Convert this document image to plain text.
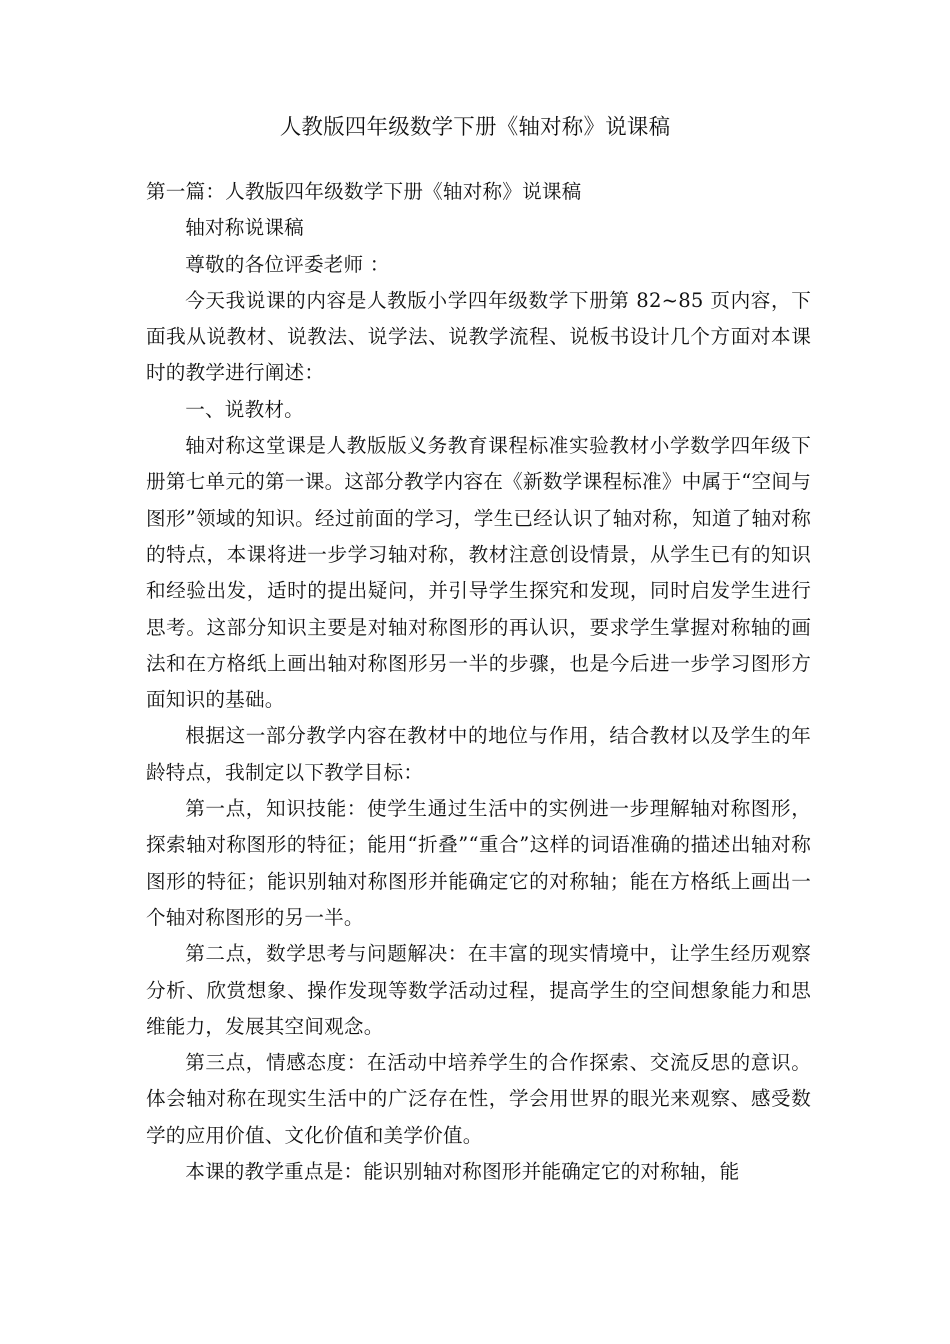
人教版四年级数学下册《轴对称》说课稿

第一篇：人教版四年级数学下册《轴对称》说课稿

轴对称说课稿

尊敬的各位评委老师 ：

今天我说课的内容是人教版小学四年级数学下册第 82~85 页内容，下面我从说教材、说教法、说学法、说教学流程、说板书设计几个方面对本课时的教学进行阐述：

一、说教材。

轴对称这堂课是人教版版义务教育课程标准实验教材小学数学四年级下册第七单元的第一课。这部分教学内容在《新数学课程标准》中属于“空间与图形”领域的知识。经过前面的学习，学生已经认识了轴对称，知道了轴对称的特点，本课将进一步学习轴对称，教材注意创设情景，从学生已有的知识和经验出发，适时的提出疑问，并引导学生探究和发现，同时启发学生进行思考。这部分知识主要是对轴对称图形的再认识，要求学生掌握对称轴的画法和在方格纸上画出轴对称图形另一半的步骤，也是今后进一步学习图形方面知识的基础。

根据这一部分教学内容在教材中的地位与作用，结合教材以及学生的年龄特点，我制定以下教学目标：

第一点，知识技能：使学生通过生活中的实例进一步理解轴对称图形，探索轴对称图形的特征；能用“折叠”“重合”这样的词语准确的描述出轴对称图形的特征；能识别轴对称图形并能确定它的对称轴；能在方格纸上画出一个轴对称图形的另一半。

第二点，数学思考与问题解决：在丰富的现实情境中，让学生经历观察分析、欣赏想象、操作发现等数学活动过程，提高学生的空间想象能力和思维能力，发展其空间观念。

第三点，情感态度：在活动中培养学生的合作探索、交流反思的意识。体会轴对称在现实生活中的广泛存在性，学会用世界的眼光来观察、感受数学的应用价值、文化价值和美学价值。

本课的教学重点是：能识别轴对称图形并能确定它的对称轴，能
